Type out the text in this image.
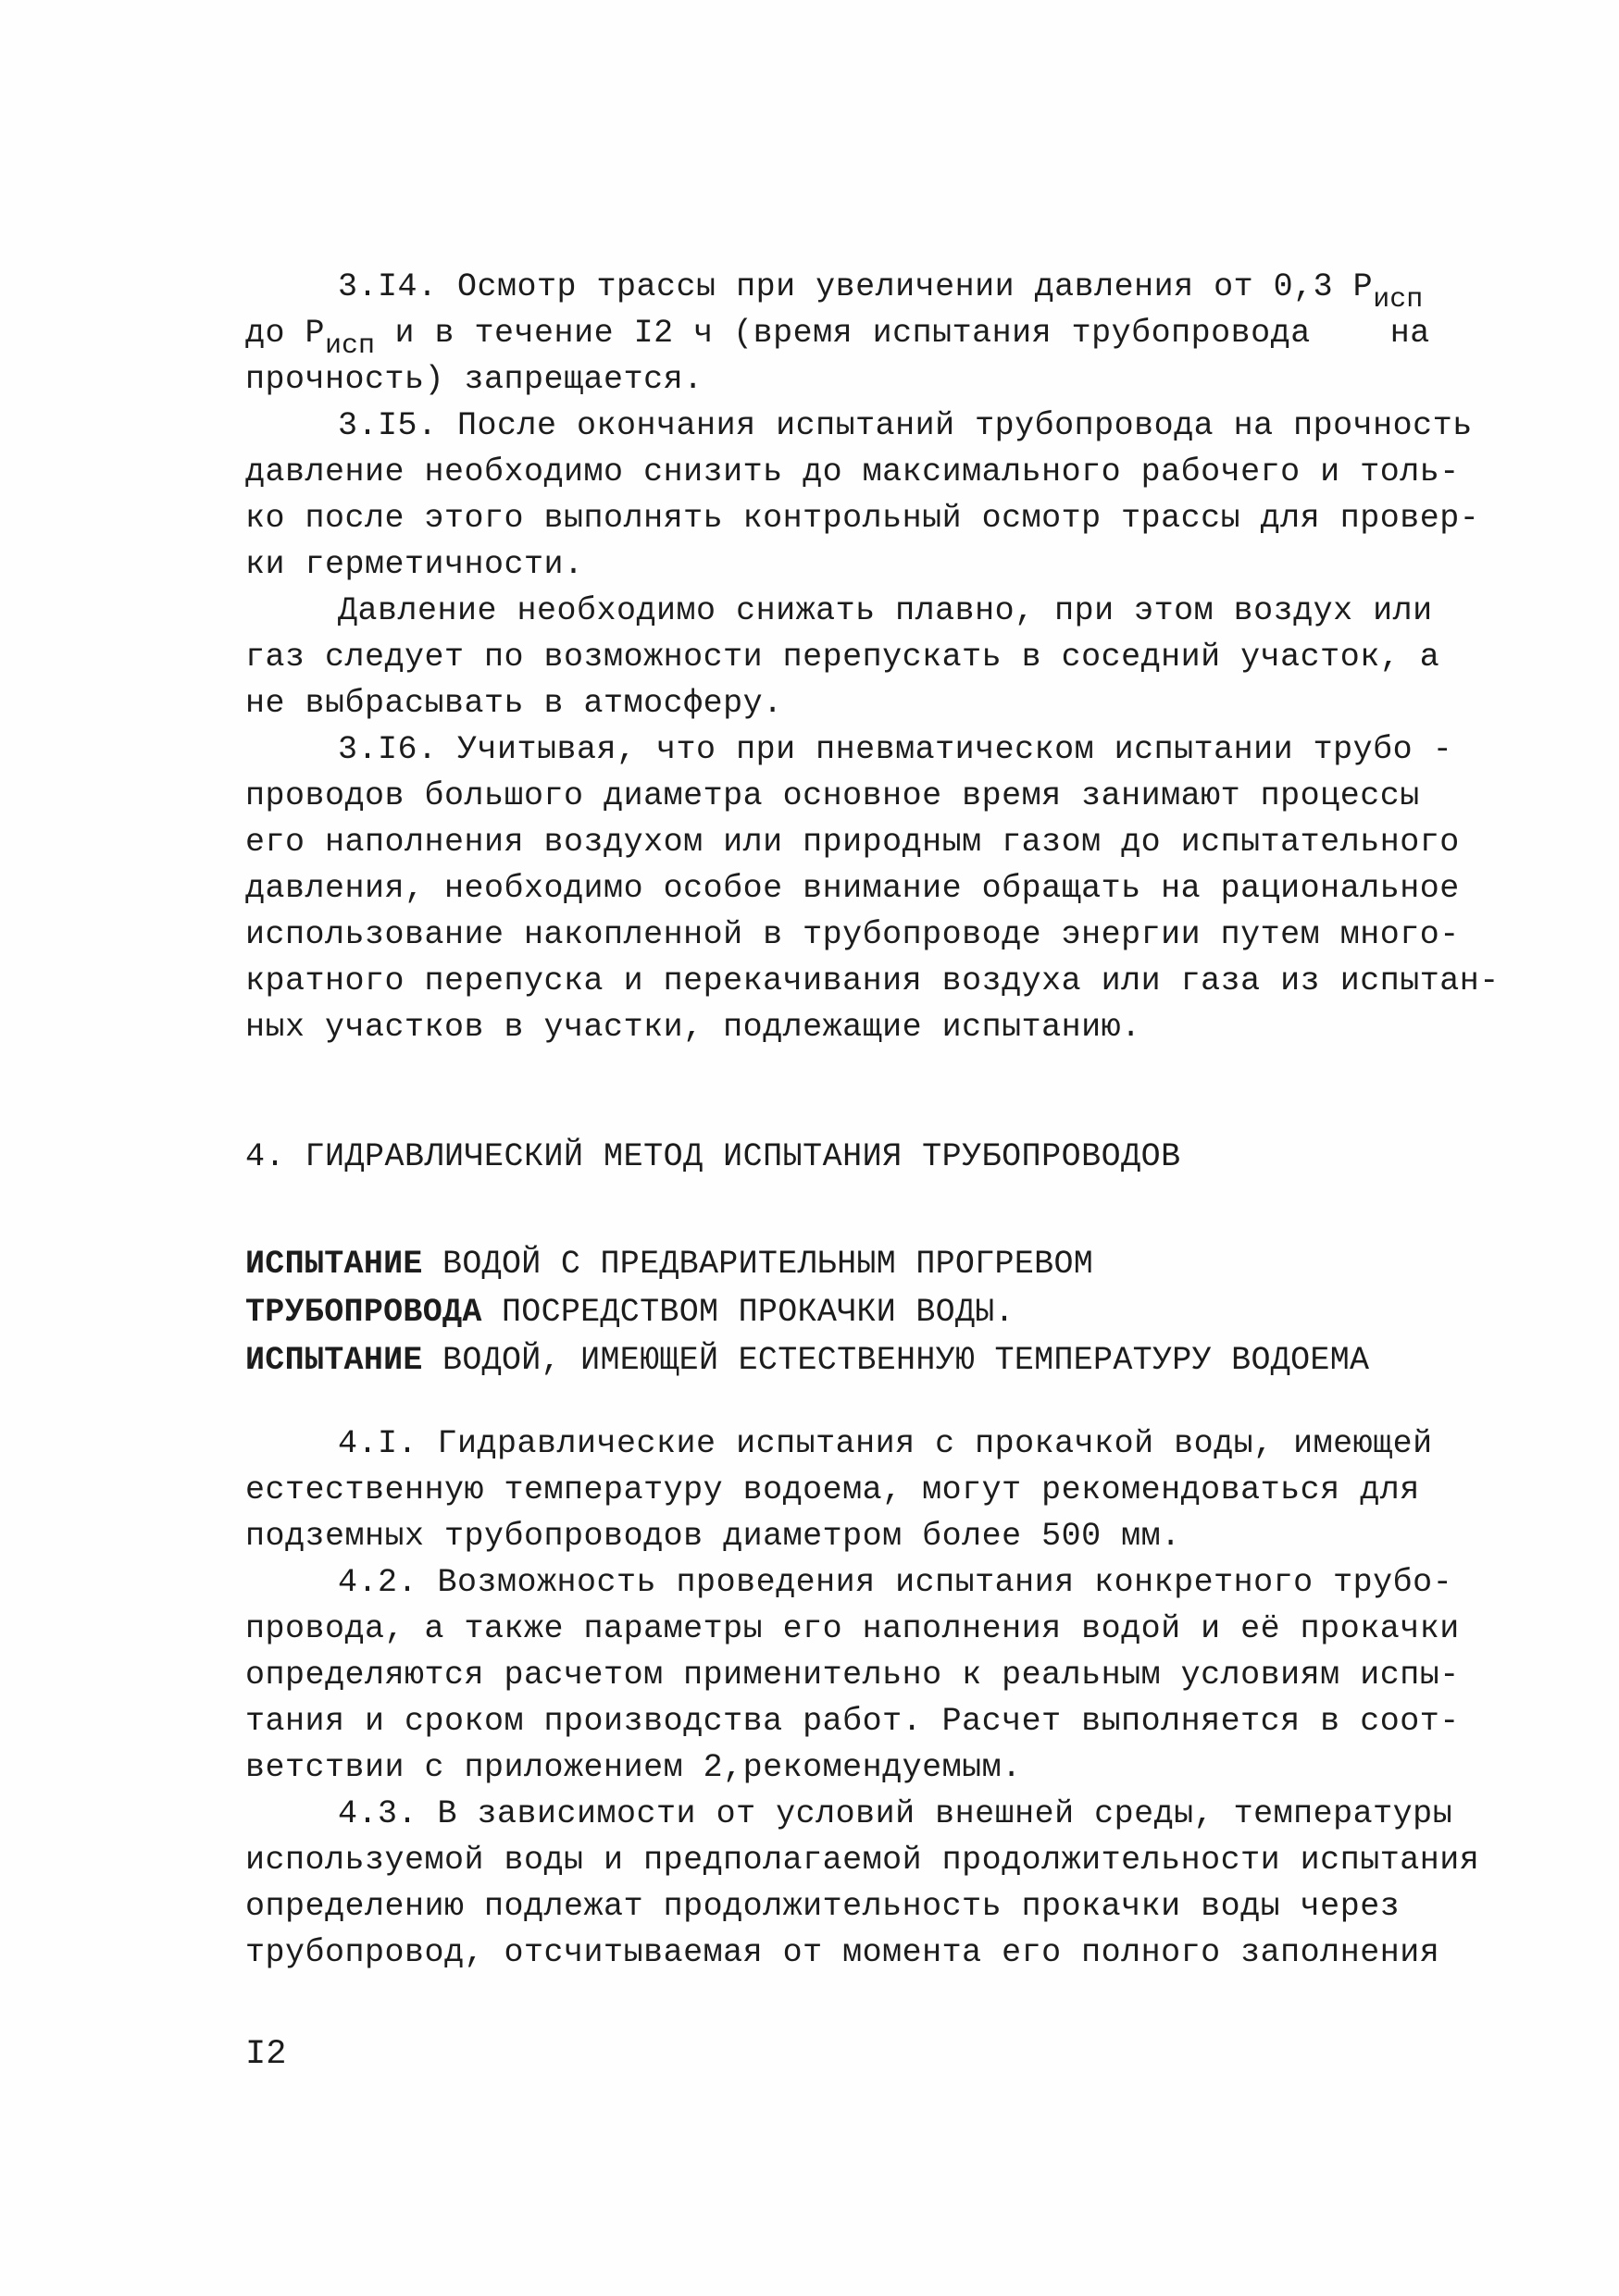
3.I4. Осмотр трассы при увеличении давления от 0,3 Pисп
до Pисп и в течение I2 ч (время испытания трубопровода    на
прочность) запрещается.
3.I5. После окончания испытаний трубопровода на прочность
давление необходимо снизить до максимального рабочего и толь-
ко после этого выполнять контрольный осмотр трассы для провер-
ки герметичности.
Давление необходимо снижать плавно, при этом воздух или
газ следует по возможности перепускать в соседний участок, а
не выбрасывать в атмосферу.
3.I6. Учитывая, что при пневматическом испытании трубо -
проводов большого диаметра основное время занимают процессы
его наполнения воздухом или природным газом до испытательного
давления, необходимо особое внимание обращать на рациональное
использование накопленной в трубопроводе энергии путем много-
кратного перепуска и перекачивания воздуха или газа из испытан-
ных участков в участки, подлежащие испытанию.
4. ГИДРАВЛИЧЕСКИЙ МЕТОД ИСПЫТАНИЯ ТРУБОПРОВОДОВ
ИСПЫТАНИЕ ВОДОЙ С ПРЕДВАРИТЕЛЬНЫМ ПРОГРЕВОМ
ТРУБОПРОВОДА ПОСРЕДСТВОМ ПРОКАЧКИ ВОДЫ.
ИСПЫТАНИЕ ВОДОЙ, ИМЕЮЩЕЙ ЕСТЕСТВЕННУЮ ТЕМПЕРАТУРУ ВОДОЕМА
4.I. Гидравлические испытания с прокачкой воды, имеющей
естественную температуру водоема, могут рекомендоваться для
подземных трубопроводов диаметром более 500 мм.
4.2. Возможность проведения испытания конкретного трубо-
провода, а также параметры его наполнения водой и её прокачки
определяются расчетом применительно к реальным условиям испы-
тания и сроком производства работ. Расчет выполняется в соот-
ветствии с приложением 2,рекомендуемым.
4.3. В зависимости от условий внешней среды, температуры
используемой воды и предполагаемой продолжительности испытания
определению подлежат продолжительность прокачки воды через
трубопровод, отсчитываемая от момента его полного заполнения
I2
